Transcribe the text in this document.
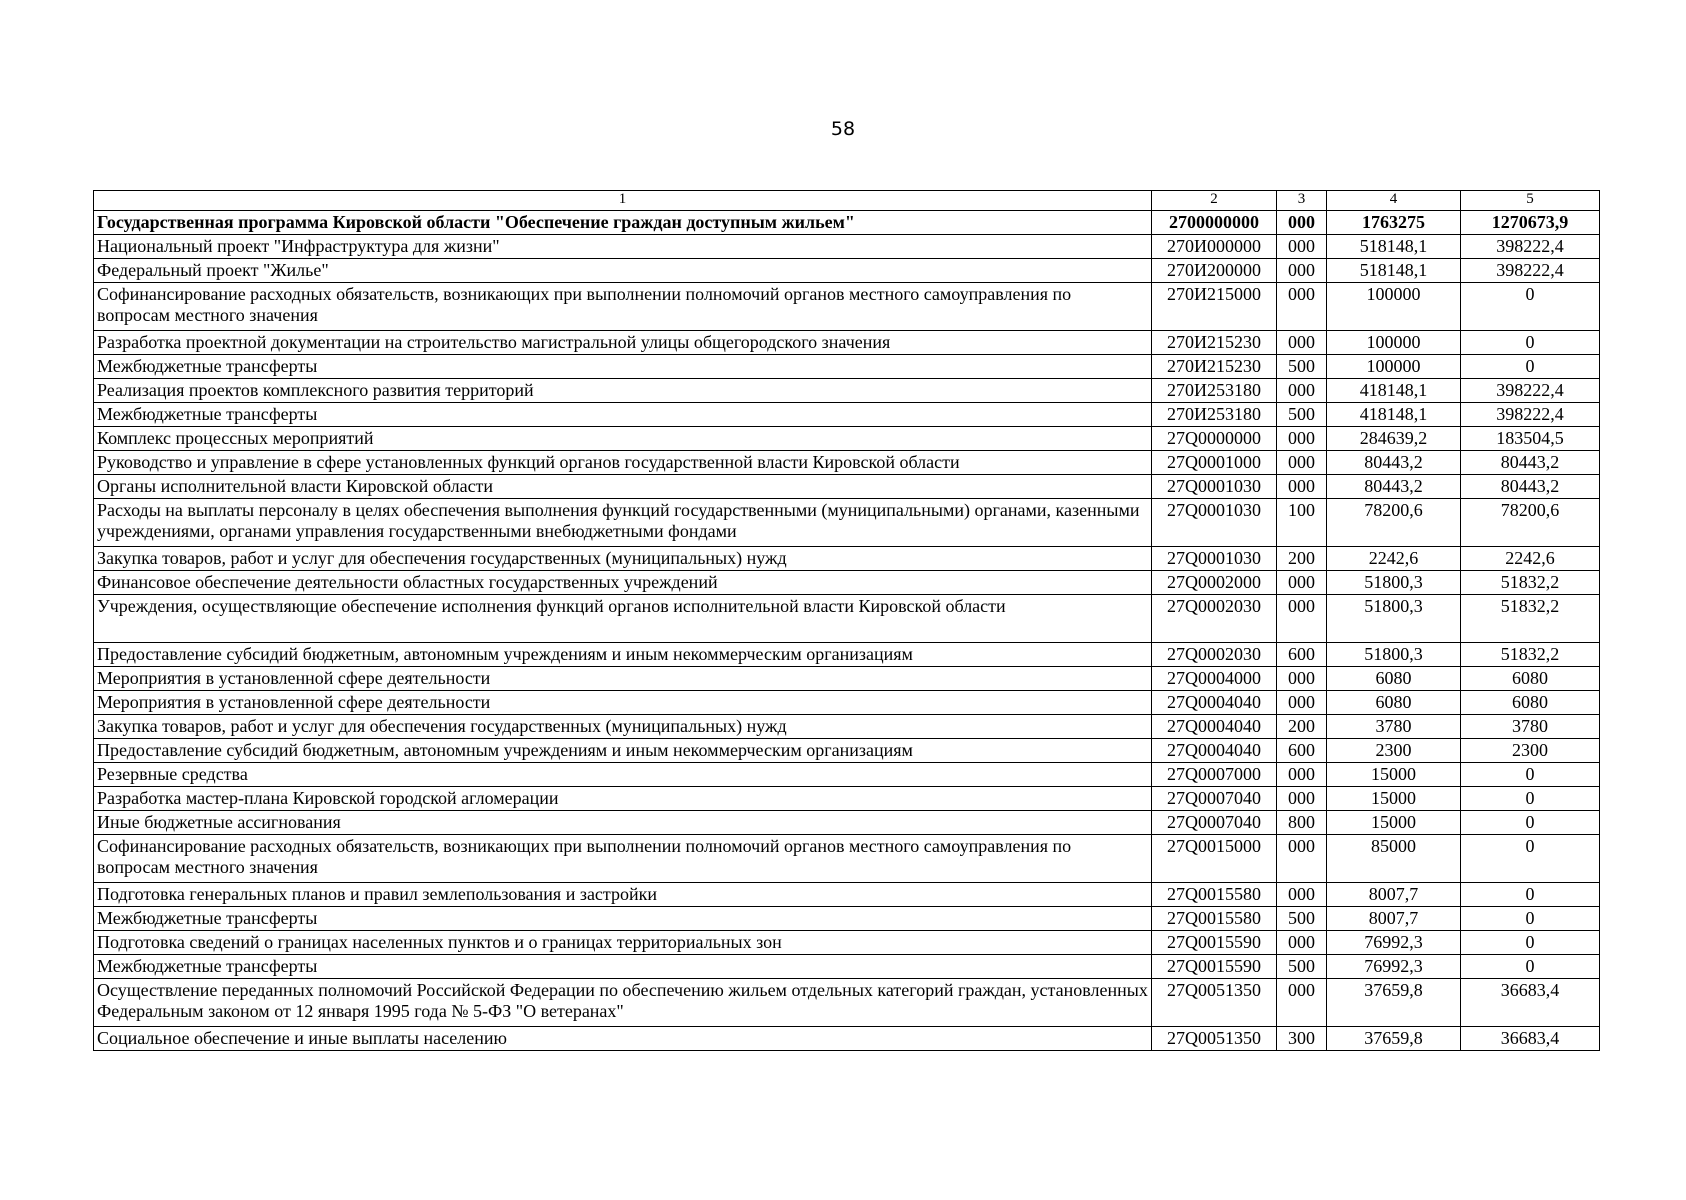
58
1	2	3	4	5
Государственная программа Кировской области "Обеспечение граждан доступным жильем"	2700000000	000	1763275	1270673,9
Национальный проект "Инфраструктура для жизни"	270И000000	000	518148,1	398222,4
Федеральный проект "Жилье"	270И200000	000	518148,1	398222,4
Софинансирование расходных обязательств, возникающих при выполнении полномочий органов местного самоуправления по вопросам местного значения	270И215000	000	100000	0
Разработка проектной документации на строительство магистральной улицы общегородского значения	270И215230	000	100000	0
Межбюджетные трансферты	270И215230	500	100000	0
Реализация проектов комплексного развития территорий	270И253180	000	418148,1	398222,4
Межбюджетные трансферты	270И253180	500	418148,1	398222,4
Комплекс процессных мероприятий	27Q0000000	000	284639,2	183504,5
Руководство и управление в сфере установленных функций органов государственной власти Кировской области	27Q0001000	000	80443,2	80443,2
Органы исполнительной власти Кировской области	27Q0001030	000	80443,2	80443,2
Расходы на выплаты персоналу в целях обеспечения выполнения функций государственными (муниципальными) органами, казенными учреждениями, органами управления государственными внебюджетными фондами	27Q0001030	100	78200,6	78200,6
Закупка товаров, работ и услуг для обеспечения государственных (муниципальных) нужд	27Q0001030	200	2242,6	2242,6
Финансовое обеспечение деятельности областных государственных учреждений	27Q0002000	000	51800,3	51832,2
Учреждения, осуществляющие обеспечение исполнения функций органов исполнительной власти Кировской области	27Q0002030	000	51800,3	51832,2
Предоставление субсидий бюджетным, автономным учреждениям и иным некоммерческим организациям	27Q0002030	600	51800,3	51832,2
Мероприятия в установленной сфере деятельности	27Q0004000	000	6080	6080
Мероприятия в установленной сфере деятельности	27Q0004040	000	6080	6080
Закупка товаров, работ и услуг для обеспечения государственных (муниципальных) нужд	27Q0004040	200	3780	3780
Предоставление субсидий бюджетным, автономным учреждениям и иным некоммерческим организациям	27Q0004040	600	2300	2300
Резервные средства	27Q0007000	000	15000	0
Разработка мастер-плана Кировской городской агломерации	27Q0007040	000	15000	0
Иные бюджетные ассигнования	27Q0007040	800	15000	0
Софинансирование расходных обязательств, возникающих при выполнении полномочий органов местного самоуправления по вопросам местного значения	27Q0015000	000	85000	0
Подготовка генеральных планов и правил землепользования и застройки	27Q0015580	000	8007,7	0
Межбюджетные трансферты	27Q0015580	500	8007,7	0
Подготовка сведений о границах населенных пунктов и о границах территориальных зон	27Q0015590	000	76992,3	0
Межбюджетные трансферты	27Q0015590	500	76992,3	0
Осуществление переданных полномочий Российской Федерации по обеспечению жильем отдельных категорий граждан, установленных Федеральным законом от 12 января 1995 года № 5-ФЗ "О ветеранах"	27Q0051350	000	37659,8	36683,4
Социальное обеспечение и иные выплаты населению	27Q0051350	300	37659,8	36683,4
